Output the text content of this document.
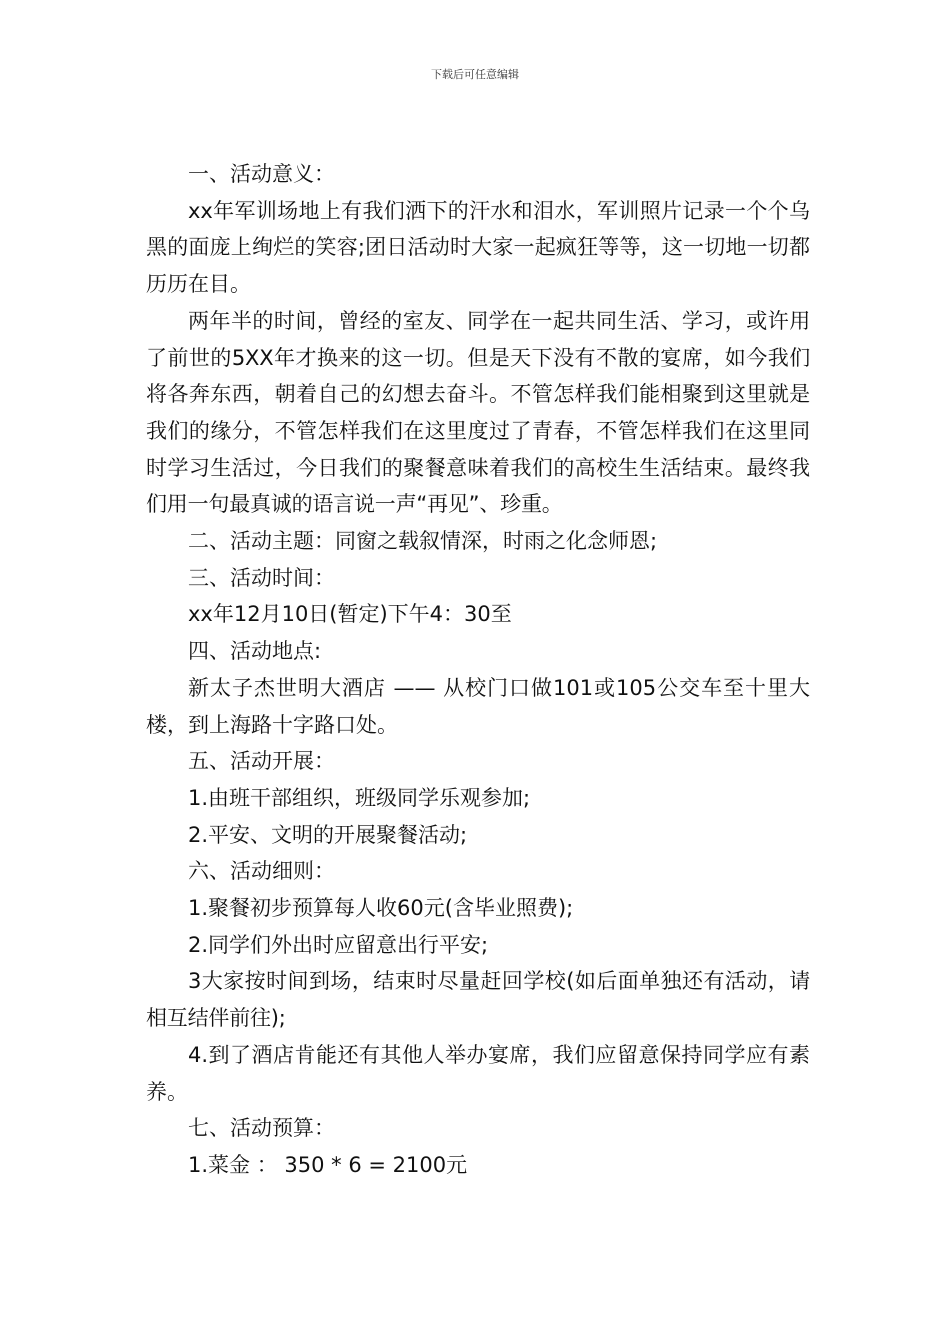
下载后可任意编辑

一、活动意义：

xx年军训场地上有我们洒下的汗水和泪水，军训照片记录一个个乌黑的面庞上绚烂的笑容;团日活动时大家一起疯狂等等，这一切地一切都历历在目。

两年半的时间，曾经的室友、同学在一起共同生活、学习，或许用了前世的5XX年才换来的这一切。但是天下没有不散的宴席，如今我们将各奔东西，朝着自己的幻想去奋斗。不管怎样我们能相聚到这里就是我们的缘分，不管怎样我们在这里度过了青春，不管怎样我们在这里同时学习生活过，今日我们的聚餐意味着我们的高校生生活结束。最终我们用一句最真诚的语言说一声“再见”、珍重。

二、活动主题：同窗之载叙情深，时雨之化念师恩;

三、活动时间：

xx年12月10日(暂定)下午4：30至

四、活动地点:

新太子杰世明大酒店 —— 从校门口做101或105公交车至十里大楼，到上海路十字路口处。

五、活动开展：

1.由班干部组织，班级同学乐观参加;

2.平安、文明的开展聚餐活动;

六、活动细则：

1.聚餐初步预算每人收60元(含毕业照费);

2.同学们外出时应留意出行平安;

3大家按时间到场，结束时尽量赶回学校(如后面单独还有活动，请相互结伴前往);

4.到了酒店肯能还有其他人举办宴席，我们应留意保持同学应有素养。

七、活动预算：

1.菜金 ： 350 * 6 = 2100元
